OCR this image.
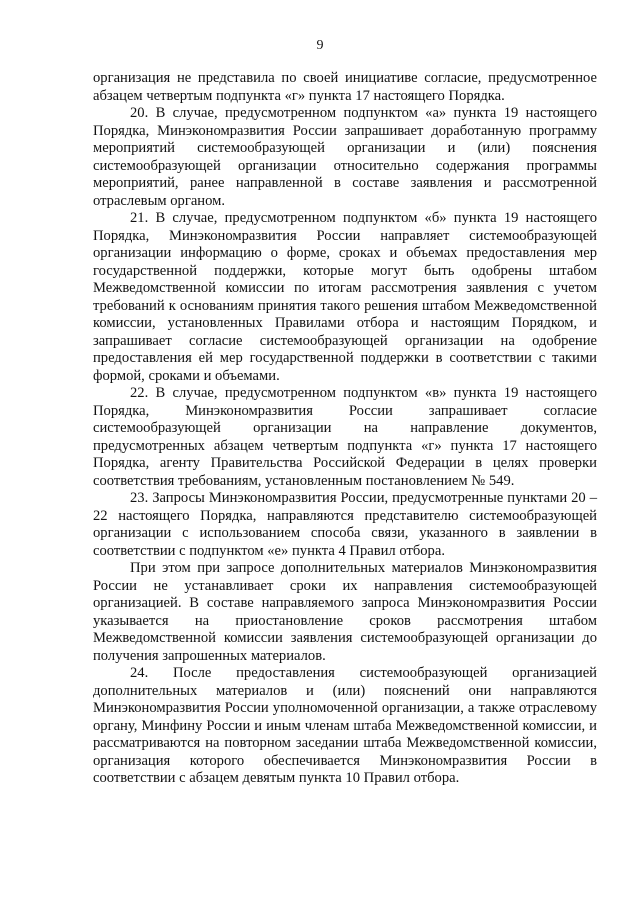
9

организация не представила по своей инициативе согласие, предусмотренное абзацем четвертым подпункта «г» пункта 17 настоящего Порядка.

20. В случае, предусмотренном подпунктом «а» пункта 19 настоящего Порядка, Минэкономразвития России запрашивает доработанную программу мероприятий системообразующей организации и (или) пояснения системообразующей организации относительно содержания программы мероприятий, ранее направленной в составе заявления и рассмотренной отраслевым органом.

21. В случае, предусмотренном подпунктом «б» пункта 19 настоящего Порядка, Минэкономразвития России направляет системообразующей организации информацию о форме, сроках и объемах предоставления мер государственной поддержки, которые могут быть одобрены штабом Межведомственной комиссии по итогам рассмотрения заявления с учетом требований к основаниям принятия такого решения штабом Межведомственной комиссии, установленных Правилами отбора и настоящим Порядком, и запрашивает согласие системообразующей организации на одобрение предоставления ей мер государственной поддержки в соответствии с такими формой, сроками и объемами.

22. В случае, предусмотренном подпунктом «в» пункта 19 настоящего Порядка, Минэкономразвития России запрашивает согласие системообразующей организации на направление документов, предусмотренных абзацем четвертым подпункта «г» пункта 17 настоящего Порядка, агенту Правительства Российской Федерации в целях проверки соответствия требованиям, установленным постановлением № 549.

23. Запросы Минэкономразвития России, предусмотренные пунктами 20 – 22 настоящего Порядка, направляются представителю системообразующей организации с использованием способа связи, указанного в заявлении в соответствии с подпунктом «е» пункта 4 Правил отбора.

При этом при запросе дополнительных материалов Минэкономразвития России не устанавливает сроки их направления системообразующей организацией. В составе направляемого запроса Минэкономразвития России указывается на приостановление сроков рассмотрения штабом Межведомственной комиссии заявления системообразующей организации до получения запрошенных материалов.

24. После предоставления системообразующей организацией дополнительных материалов и (или) пояснений они направляются Минэкономразвития России уполномоченной организации, а также отраслевому органу, Минфину России и иным членам штаба Межведомственной комиссии, и рассматриваются на повторном заседании штаба Межведомственной комиссии, организация которого обеспечивается Минэкономразвития России в соответствии с абзацем девятым пункта 10 Правил отбора.
